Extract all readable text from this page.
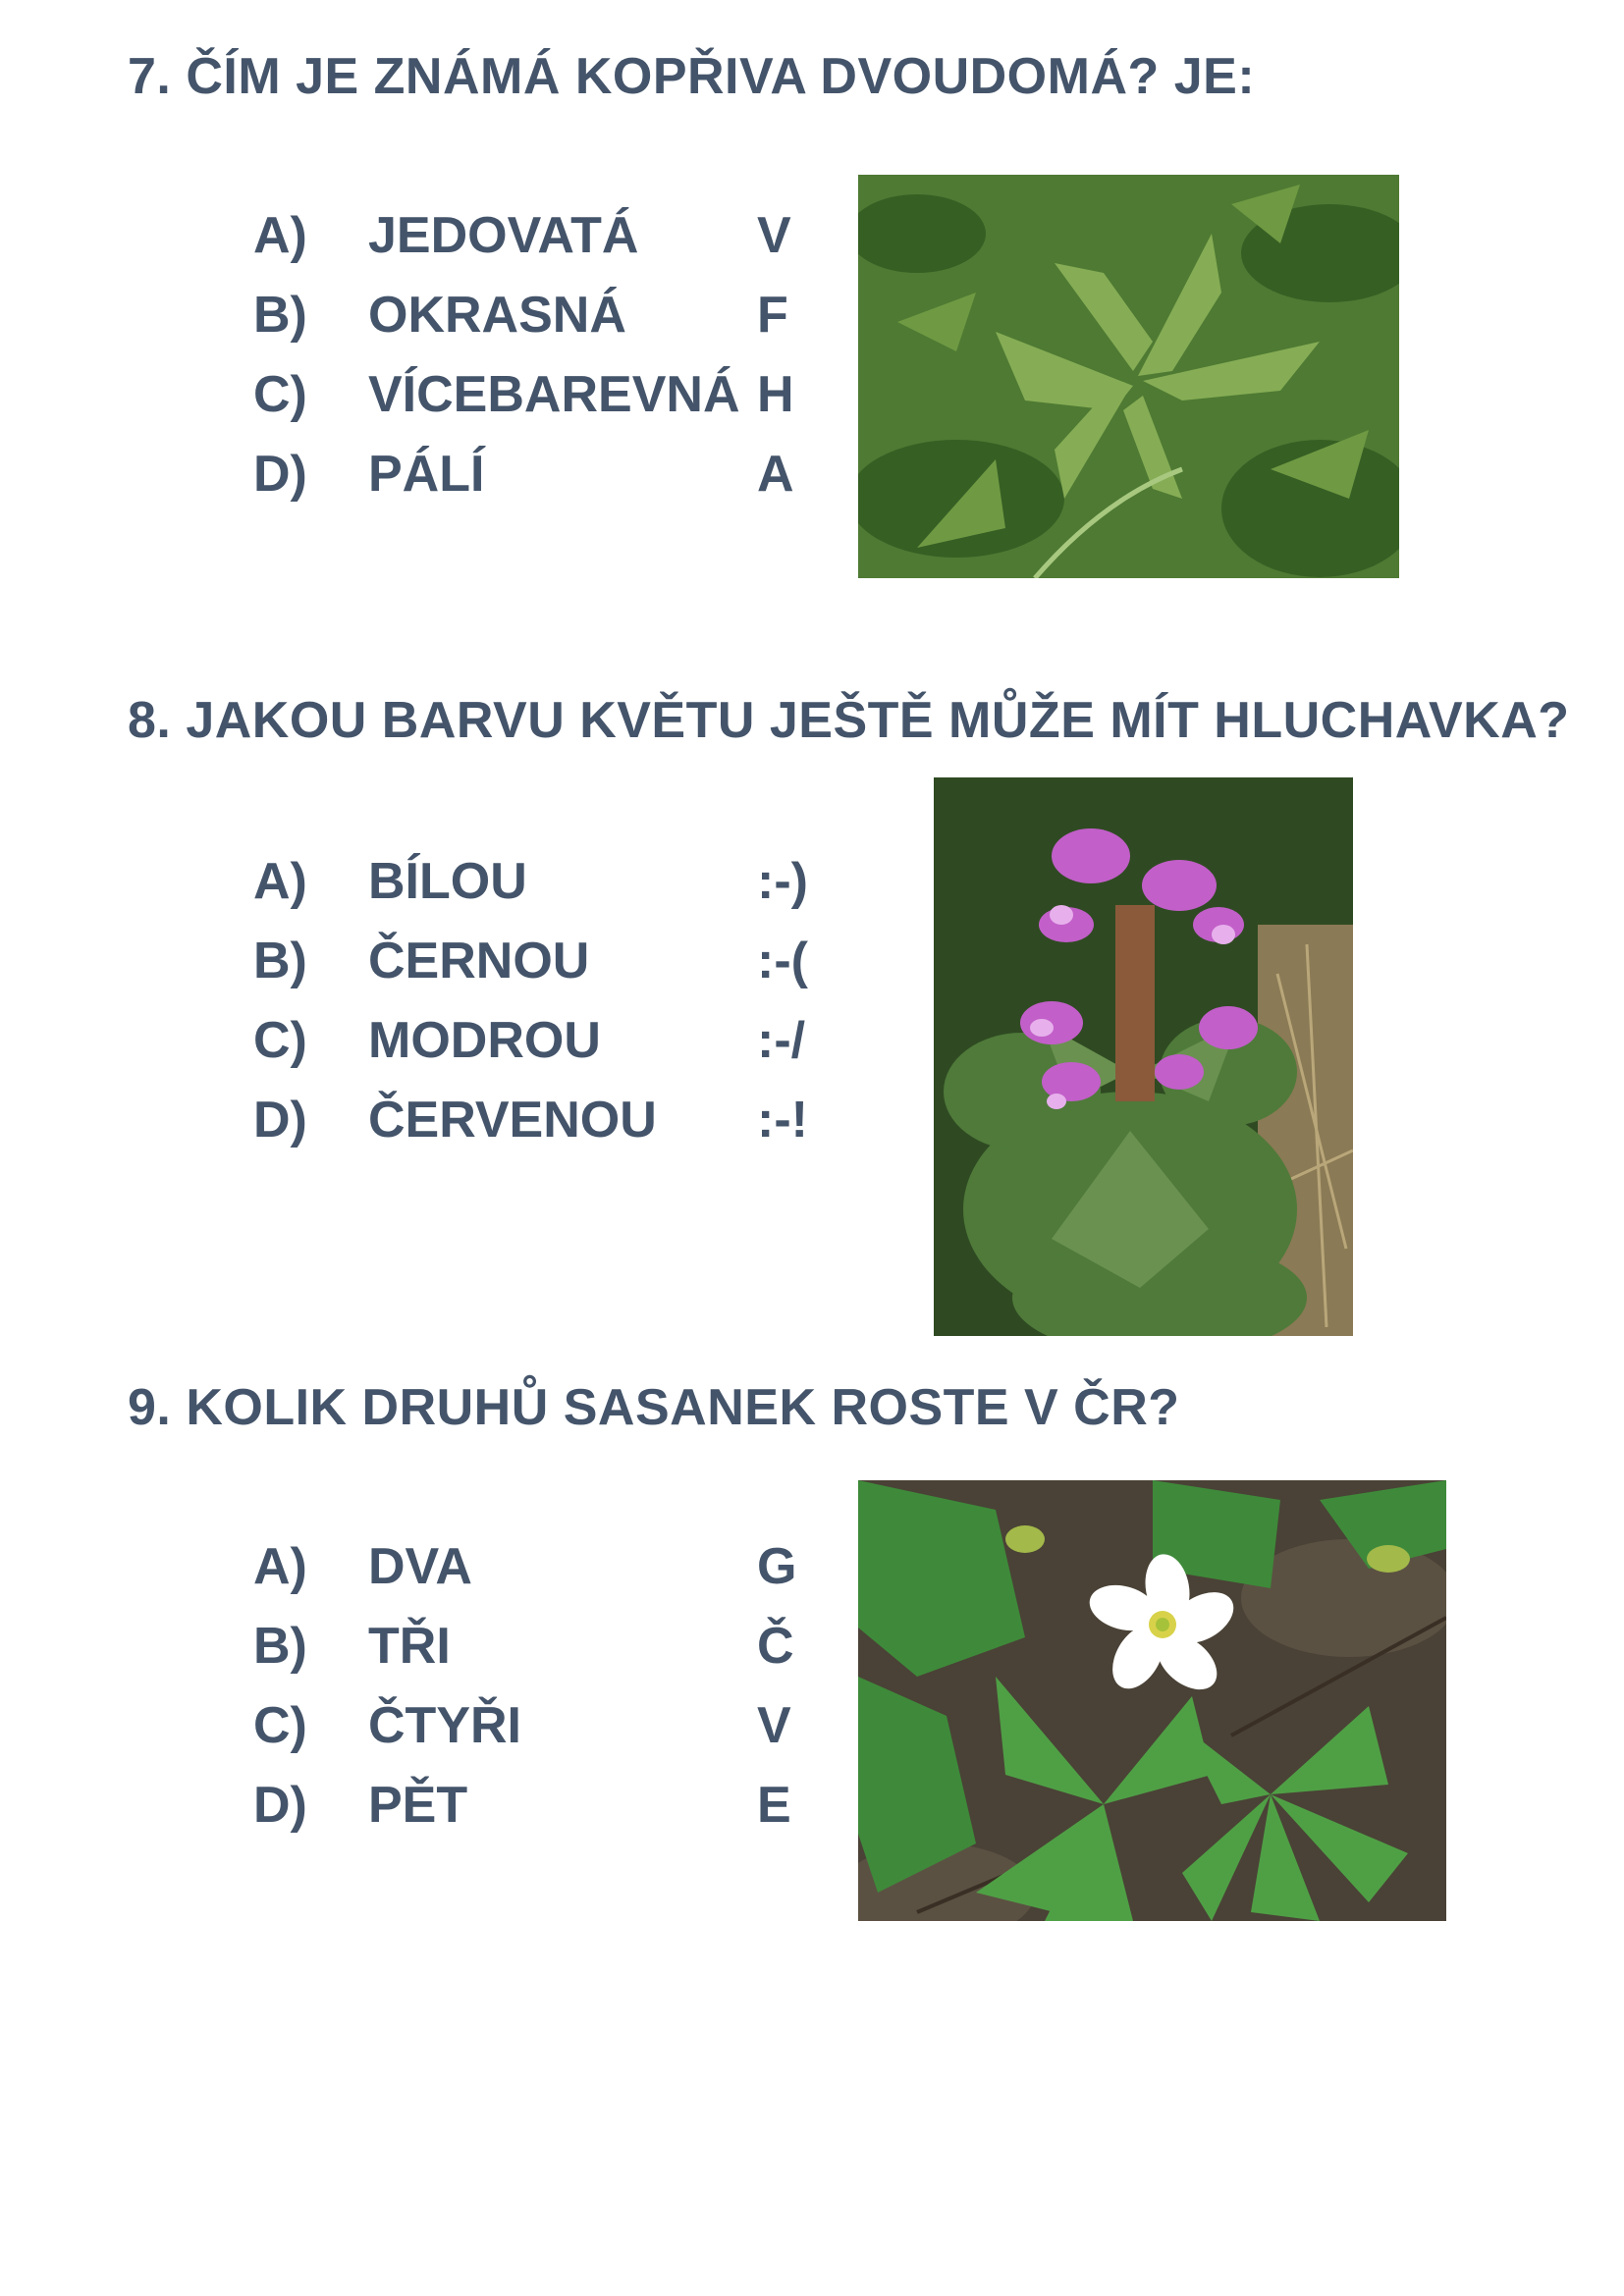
7. ČÍM JE ZNÁMÁ KOPŘIVA DVOUDOMÁ? JE:
A) JEDOVATÁ V
B) OKRASNÁ	F
C) VÍCEBAREVNÁ H
D) PÁLÍ	A
8. JAKOU BARVU KVĚTU JEŠTĚ MŮŽE MÍT HLUCHAVKA?
A) BÍLOU	:-)
B) ČERNOU	:-(
C) MODROU	:-/
D) ČERVENOU :-!
9. KOLIK DRUHŮ SASANEK ROSTE V ČR?
A) DVA	G
B) TŘI	Č
C) ČTYŘI	V
D) PĚT	E
